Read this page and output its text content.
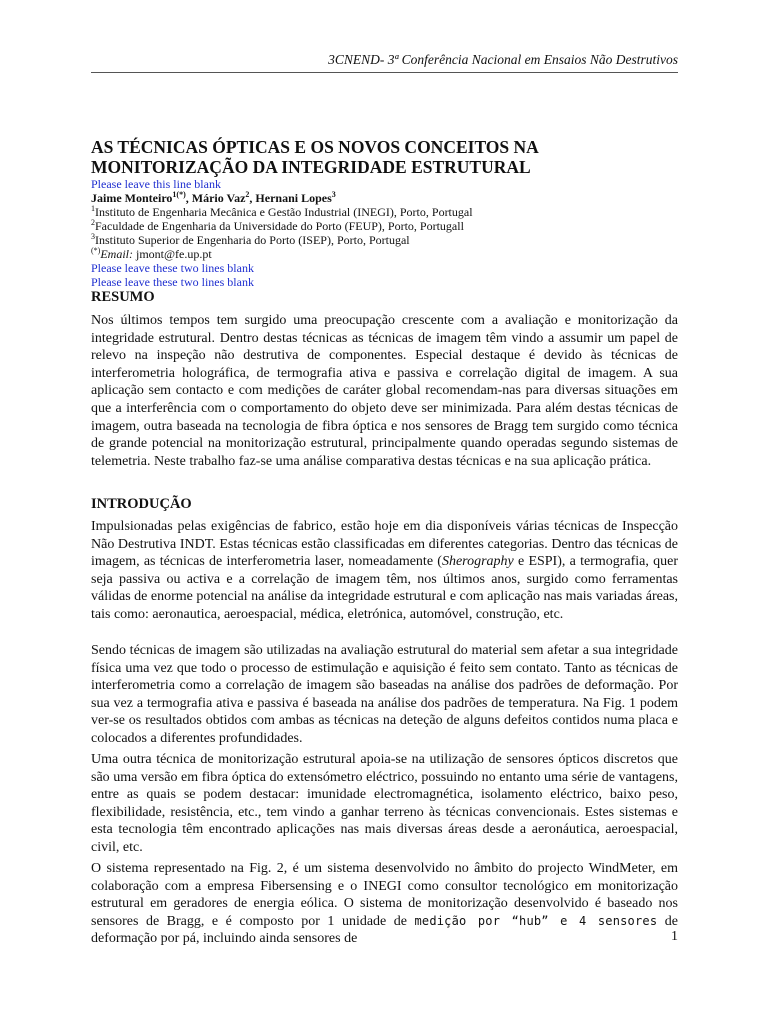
3CNEND- 3ª Conferência Nacional em Ensaios Não Destrutivos
AS TÉCNICAS ÓPTICAS E OS NOVOS CONCEITOS NA
MONITORIZAÇÃO DA INTEGRIDADE ESTRUTURAL
Please leave this line blank
Jaime Monteiro$^{1(*)}$, Mário Vaz$^2$, Hernani Lopes$^3$
$^1$Instituto de Engenharia Mecânica e Gestão Industrial (INEGI), Porto, Portugal
$^2$Faculdade de Engenharia da Universidade do Porto (FEUP), Porto, Portugall
$^3$Instituto Superior de Engenharia do Porto (ISEP), Porto, Portugal
(*)Email: jmont@fe.up.pt
Please leave these two lines blank
Please leave these two lines blank
RESUMO

Nos últimos tempos tem surgido uma preocupação crescente com a avaliação e monitorização da integridade estrutural. Dentro destas técnicas as técnicas de imagem têm vindo a assumir um papel de relevo na inspeção não destrutiva de componentes. Especial destaque é devido às técnicas de interferometria holográfica, de termografia ativa e passiva e correlação digital de imagem. A sua aplicação sem contacto e com medições de caráter global recomendam-nas para diversas situações em que a interferência com o comportamento do objeto deve ser minimizada. Para além destas técnicas de imagem, outra baseada na tecnologia de fibra óptica e nos sensores de Bragg tem surgido como técnica de grande potencial na monitorização estrutural, principalmente quando operadas segundo sistemas de telemetria. Neste trabalho faz-se uma análise comparativa destas técnicas e na sua aplicação prática.

INTRODUÇÃO

Impulsionadas pelas exigências de fabrico, estão hoje em dia disponíveis várias técnicas de Inspecção Não Destrutiva INDT. Estas técnicas estão classificadas em diferentes categorias. Dentro das técnicas de imagem, as técnicas de interferometria laser, nomeadamente (Sherography e ESPI), a termografia, quer seja passiva ou activa e a correlação de imagem têm, nos últimos anos, surgido como ferramentas válidas de enorme potencial na análise da integridade estrutural e com aplicação nas mais variadas áreas, tais como: aeronautica, aeroespacial, médica, eletrónica, automóvel, construção, etc.

Sendo técnicas de imagem são utilizadas na avaliação estrutural do material sem afetar a sua integridade física uma vez que todo o processo de estimulação e aquisição é feito sem contato. Tanto as técnicas de interferometria como a correlação de imagem são baseadas na análise dos padrões de deformação. Por sua vez a termografia ativa e passiva é baseada na análise dos padrões de temperatura. Na Fig. 1 podem ver-se os resultados obtidos com ambas as técnicas na deteção de alguns defeitos contidos numa placa e colocados a diferentes profundidades.

Uma outra técnica de monitorização estrutural apoia-se na utilização de sensores ópticos discretos que são uma versão em fibra óptica do extensómetro eléctrico, possuindo no entanto uma série de vantagens, entre as quais se podem destacar: imunidade electromagnética, isolamento eléctrico, baixo peso, flexibilidade, resistência, etc., tem vindo a ganhar terreno às técnicas convencionais. Estes sistemas e esta tecnologia têm encontrado aplicações nas mais diversas áreas desde a aeronáutica, aeroespacial, civil, etc.

O sistema representado na Fig. 2, é um sistema desenvolvido no âmbito do projecto WindMeter, em colaboração com a empresa Fibersensing e o INEGI como consultor tecnológico em monitorização estrutural em geradores de energia eólica. O sistema de monitorização desenvolvido é baseado nos sensores de Bragg, e é composto por 1 unidade de medição por “hub” e 4 sensores de deformação por pá, incluindo ainda sensores de	1
